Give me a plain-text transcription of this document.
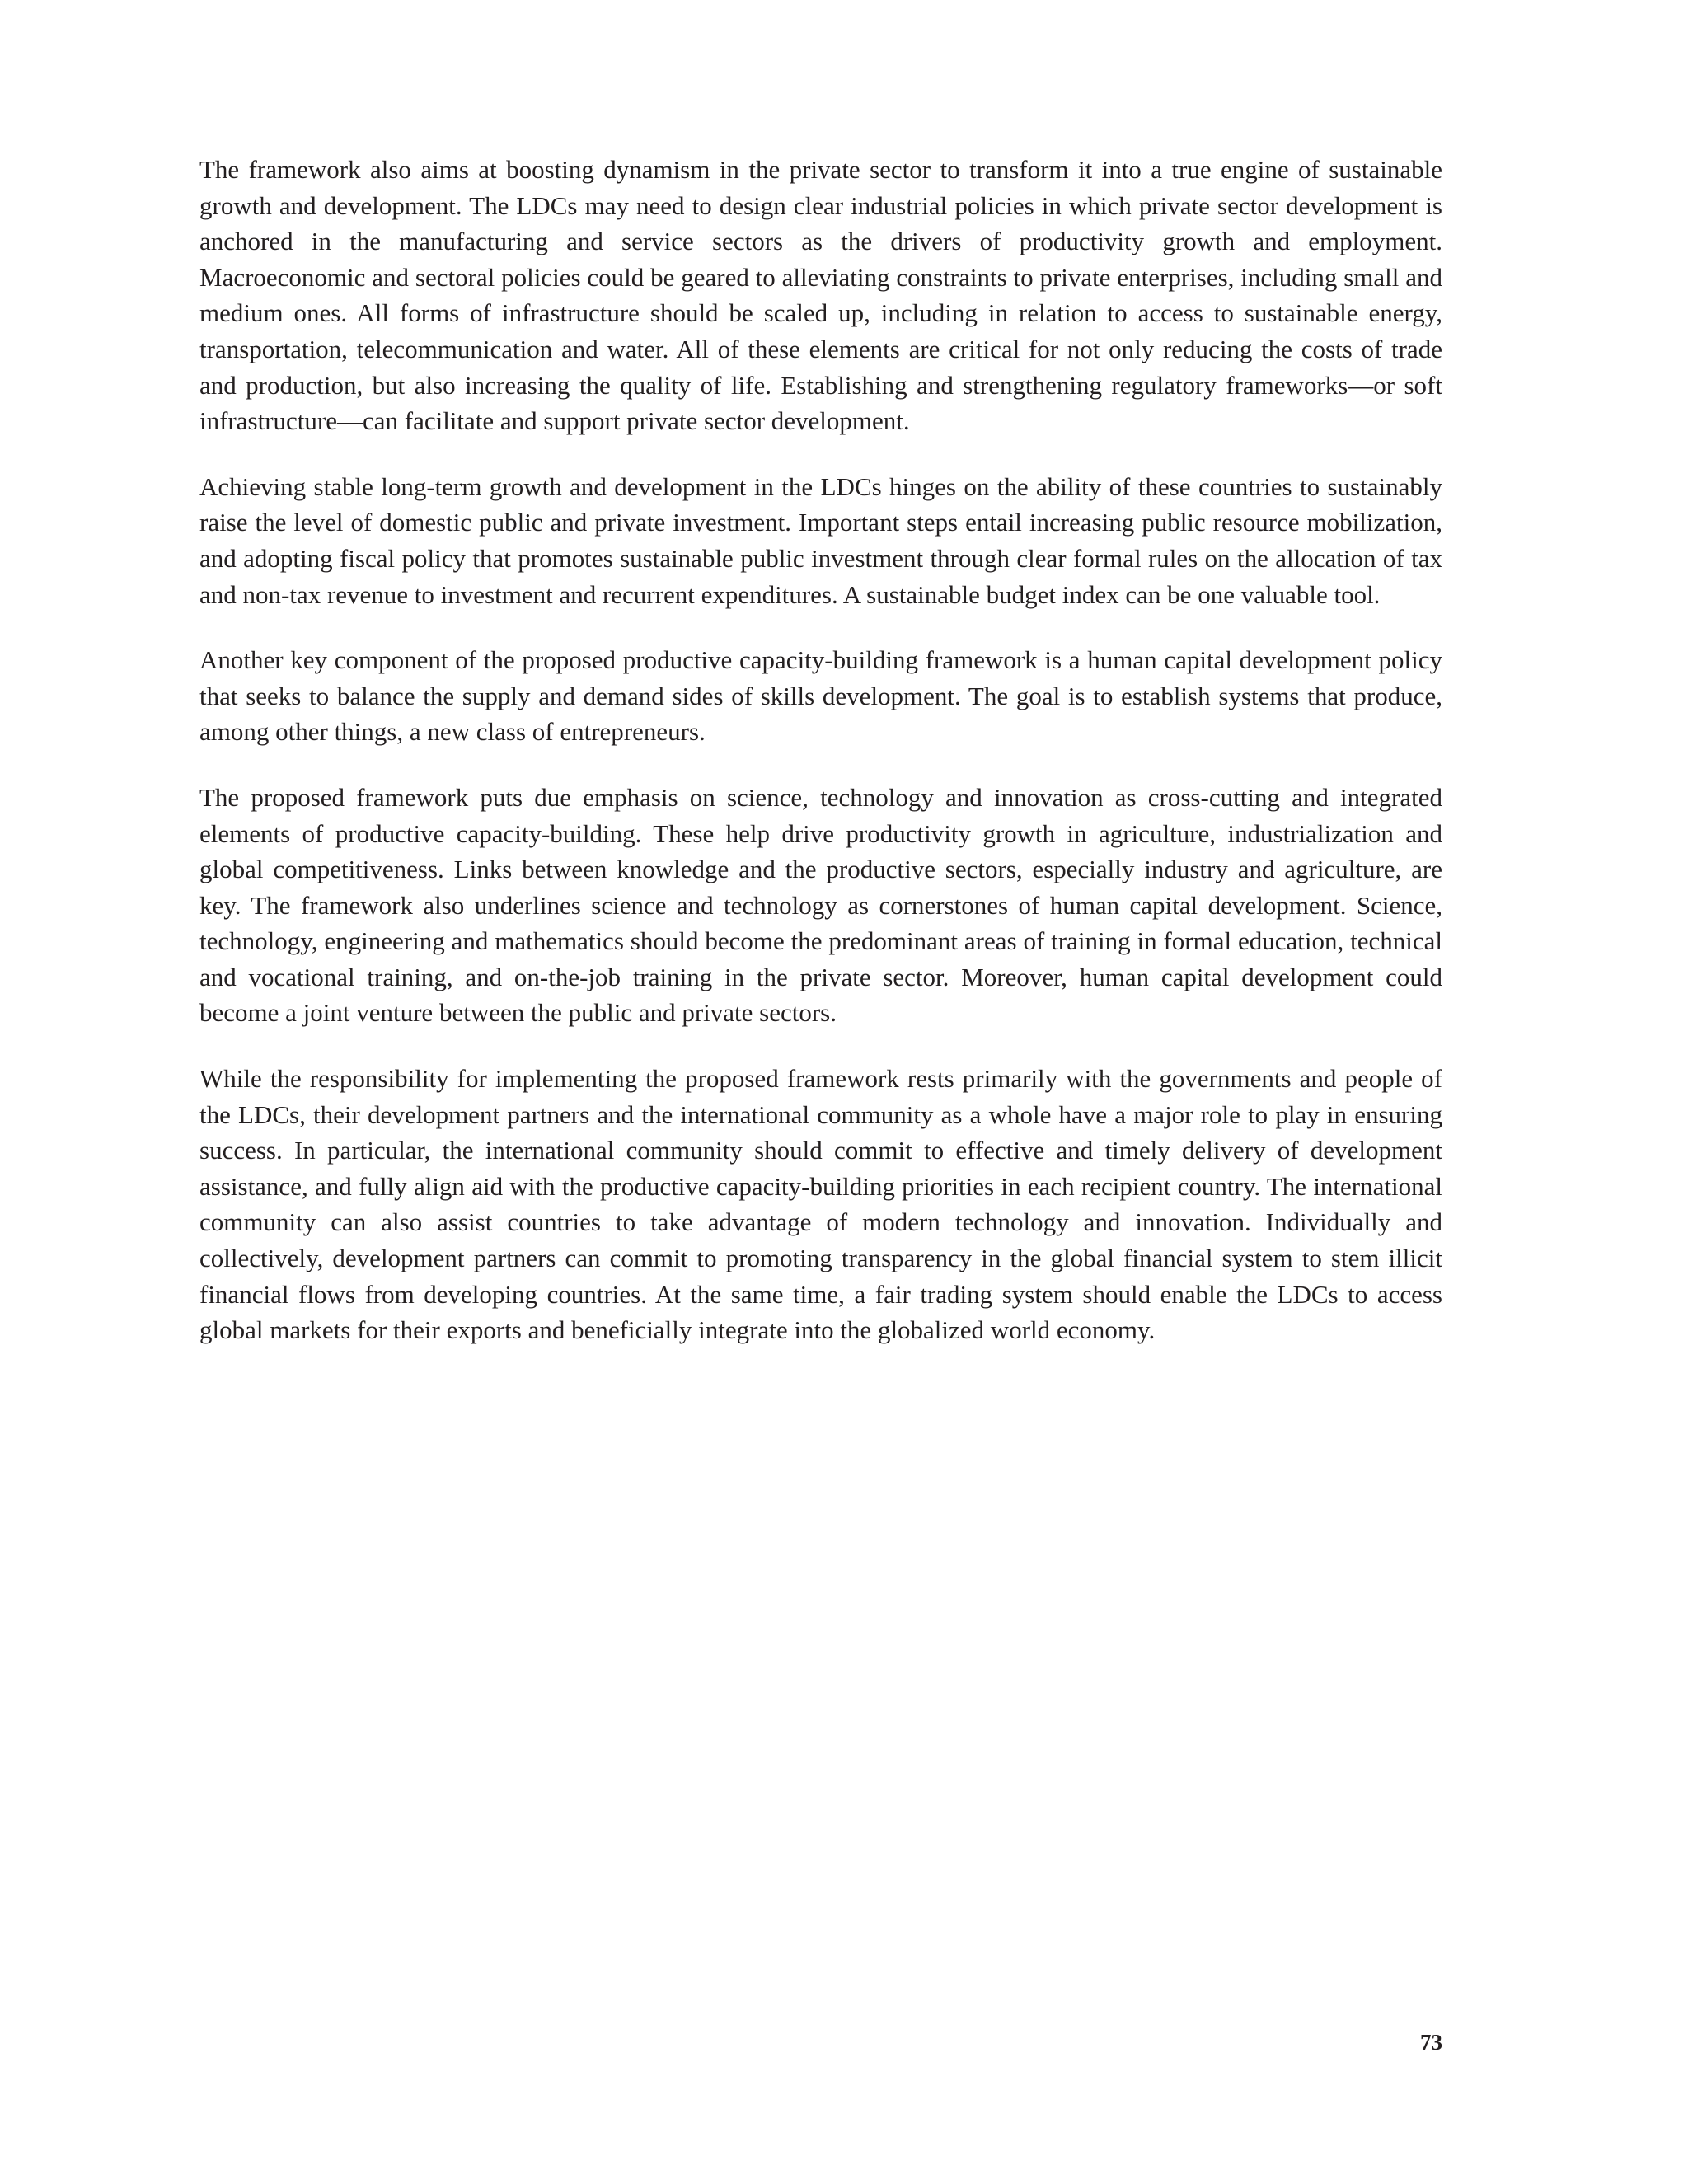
The framework also aims at boosting dynamism in the private sector to transform it into a true engine of sustainable growth and development. The LDCs may need to design clear industrial policies in which private sector development is anchored in the manufacturing and service sectors as the drivers of productivity growth and employment. Macroeconomic and sectoral policies could be geared to alleviating constraints to private enterprises, including small and medium ones. All forms of infrastructure should be scaled up, including in relation to access to sustainable energy, transportation, telecommunication and water. All of these elements are critical for not only reducing the costs of trade and production, but also increasing the quality of life. Establishing and strengthening regulatory frameworks—or soft infrastructure—can facilitate and support private sector development.

Achieving stable long-term growth and development in the LDCs hinges on the ability of these countries to sustainably raise the level of domestic public and private investment. Important steps entail increasing public resource mobilization, and adopting fiscal policy that promotes sustainable public investment through clear formal rules on the allocation of tax and non-tax revenue to investment and recurrent expenditures. A sustainable budget index can be one valuable tool.

Another key component of the proposed productive capacity-building framework is a human capital development policy that seeks to balance the supply and demand sides of skills development. The goal is to establish systems that produce, among other things, a new class of entrepreneurs.

The proposed framework puts due emphasis on science, technology and innovation as cross-cutting and integrated elements of productive capacity-building. These help drive productivity growth in agriculture, industrialization and global competitiveness. Links between knowledge and the productive sectors, especially industry and agriculture, are key. The framework also underlines science and technology as cornerstones of human capital development. Science, technology, engineering and mathematics should become the predominant areas of training in formal education, technical and vocational training, and on-the-job training in the private sector. Moreover, human capital development could become a joint venture between the public and private sectors.

While the responsibility for implementing the proposed framework rests primarily with the governments and people of the LDCs, their development partners and the international community as a whole have a major role to play in ensuring success. In particular, the international community should commit to effective and timely delivery of development assistance, and fully align aid with the productive capacity-building priorities in each recipient country. The international community can also assist countries to take advantage of modern technology and innovation. Individually and collectively, development partners can commit to promoting transparency in the global financial system to stem illicit financial flows from developing countries. At the same time, a fair trading system should enable the LDCs to access global markets for their exports and beneficially integrate into the globalized world economy.

73
